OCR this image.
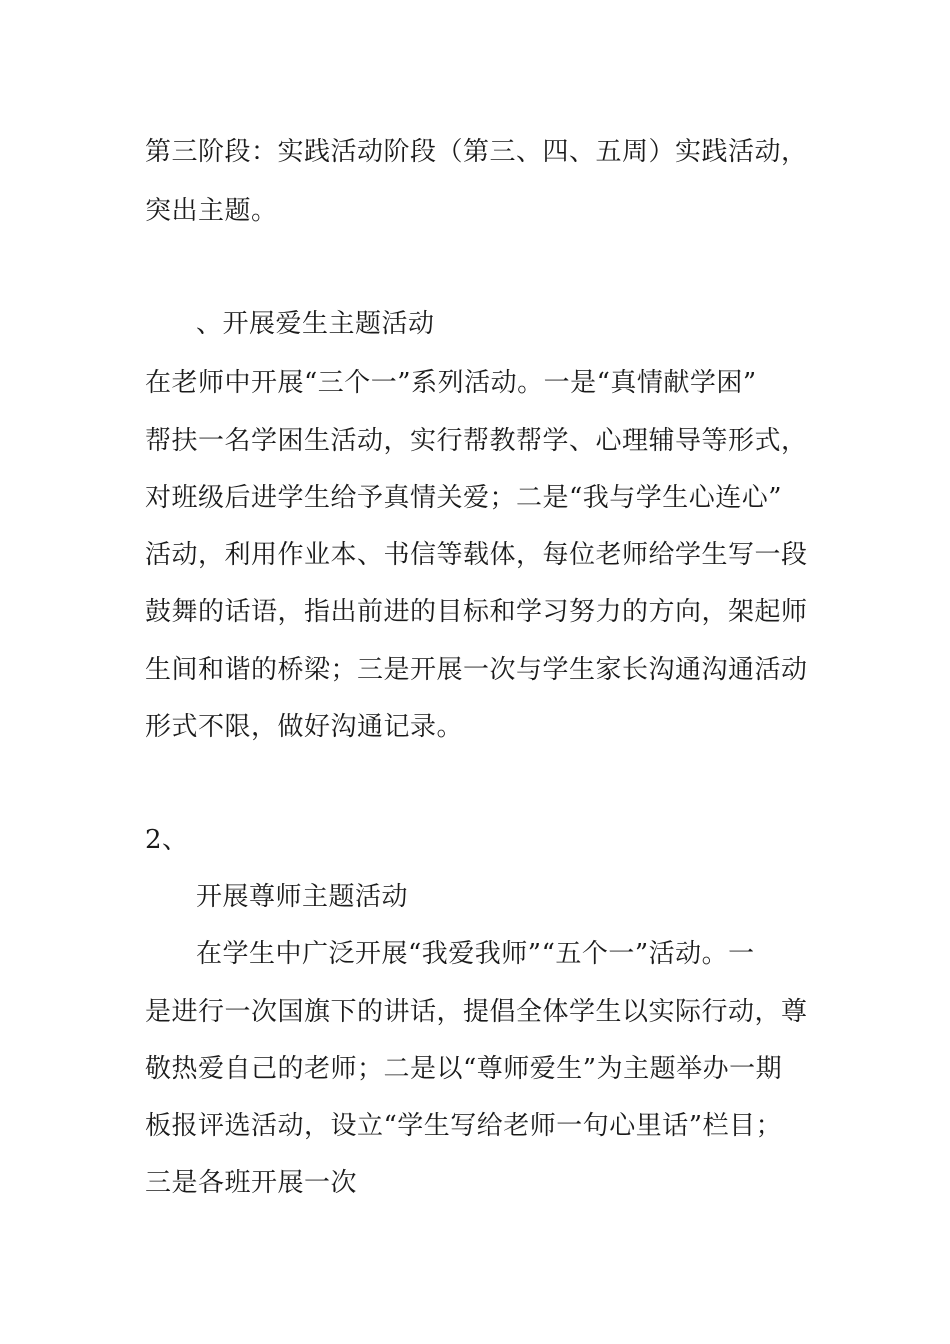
第三阶段：实践活动阶段（第三、四、五周）实践活动，
突出主题。
、开展爱生主题活动
在老师中开展“三个一”系列活动。一是“真情献学困”
帮扶一名学困生活动，实行帮教帮学、心理辅导等形式，
对班级后进学生给予真情关爱；二是“我与学生心连心”
活动，利用作业本、书信等载体，每位老师给学生写一段
鼓舞的话语，指出前进的目标和学习努力的方向，架起师
生间和谐的桥梁；三是开展一次与学生家长沟通沟通活动
形式不限，做好沟通记录。
2、
开展尊师主题活动
在学生中广泛开展“我爱我师”“五个一”活动。一
是进行一次国旗下的讲话，提倡全体学生以实际行动，尊
敬热爱自己的老师；二是以“尊师爱生”为主题举办一期
板报评选活动，设立“学生写给老师一句心里话”栏目；
三是各班开展一次
